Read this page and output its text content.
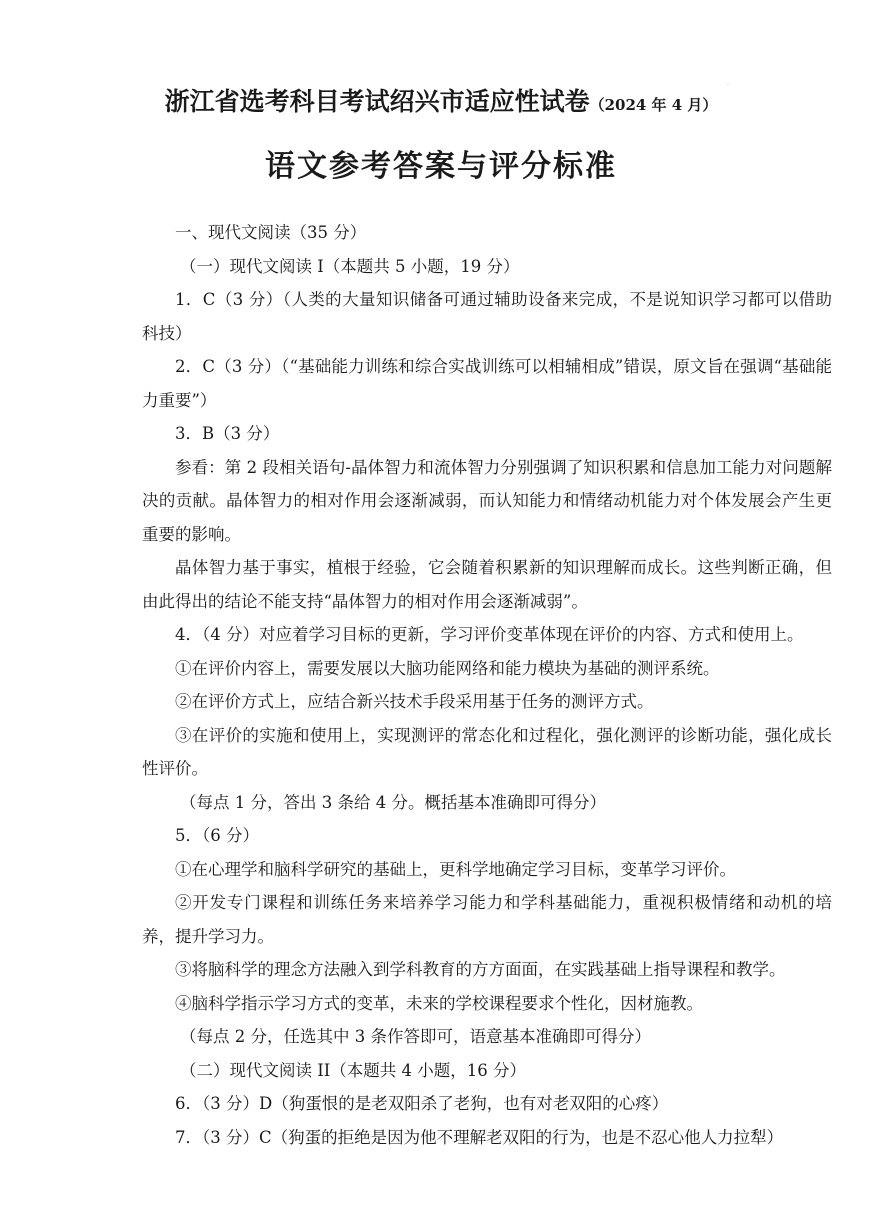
·
浙江省选考科目考试绍兴市适应性试卷（2024 年 4 月）
语文参考答案与评分标准

一、现代文阅读（35 分）

（一）现代文阅读 I（本题共 5 小题，19 分）

1．C（3 分）（人类的大量知识储备可通过辅助设备来完成，不是说知识学习都可以借助科技）

2．C（3 分）（“基础能力训练和综合实战训练可以相辅相成”错误，原文旨在强调“基础能力重要”）

3．B（3 分）

参看：第 2 段相关语句-晶体智力和流体智力分别强调了知识积累和信息加工能力对问题解决的贡献。晶体智力的相对作用会逐渐减弱，而认知能力和情绪动机能力对个体发展会产生更重要的影响。

晶体智力基于事实，植根于经验，它会随着积累新的知识理解而成长。这些判断正确，但由此得出的结论不能支持“晶体智力的相对作用会逐渐减弱”。

4．（4 分）对应着学习目标的更新，学习评价变革体现在评价的内容、方式和使用上。

①在评价内容上，需要发展以大脑功能网络和能力模块为基础的测评系统。

②在评价方式上，应结合新兴技术手段采用基于任务的测评方式。

③在评价的实施和使用上，实现测评的常态化和过程化，强化测评的诊断功能，强化成长性评价。

（每点 1 分，答出 3 条给 4 分。概括基本准确即可得分）

5．（6 分）

①在心理学和脑科学研究的基础上，更科学地确定学习目标，变革学习评价。

②开发专门课程和训练任务来培养学习能力和学科基础能力，重视积极情绪和动机的培养，提升学习力。

③将脑科学的理念方法融入到学科教育的方方面面，在实践基础上指导课程和教学。

④脑科学指示学习方式的变革，未来的学校课程要求个性化，因材施教。

（每点 2 分，任选其中 3 条作答即可，语意基本准确即可得分）

（二）现代文阅读 II（本题共 4 小题，16 分）

6．（3 分）D（狗蛋恨的是老双阳杀了老狗，也有对老双阳的心疼）

7．（3 分）C（狗蛋的拒绝是因为他不理解老双阳的行为，也是不忍心他人力拉犁）
